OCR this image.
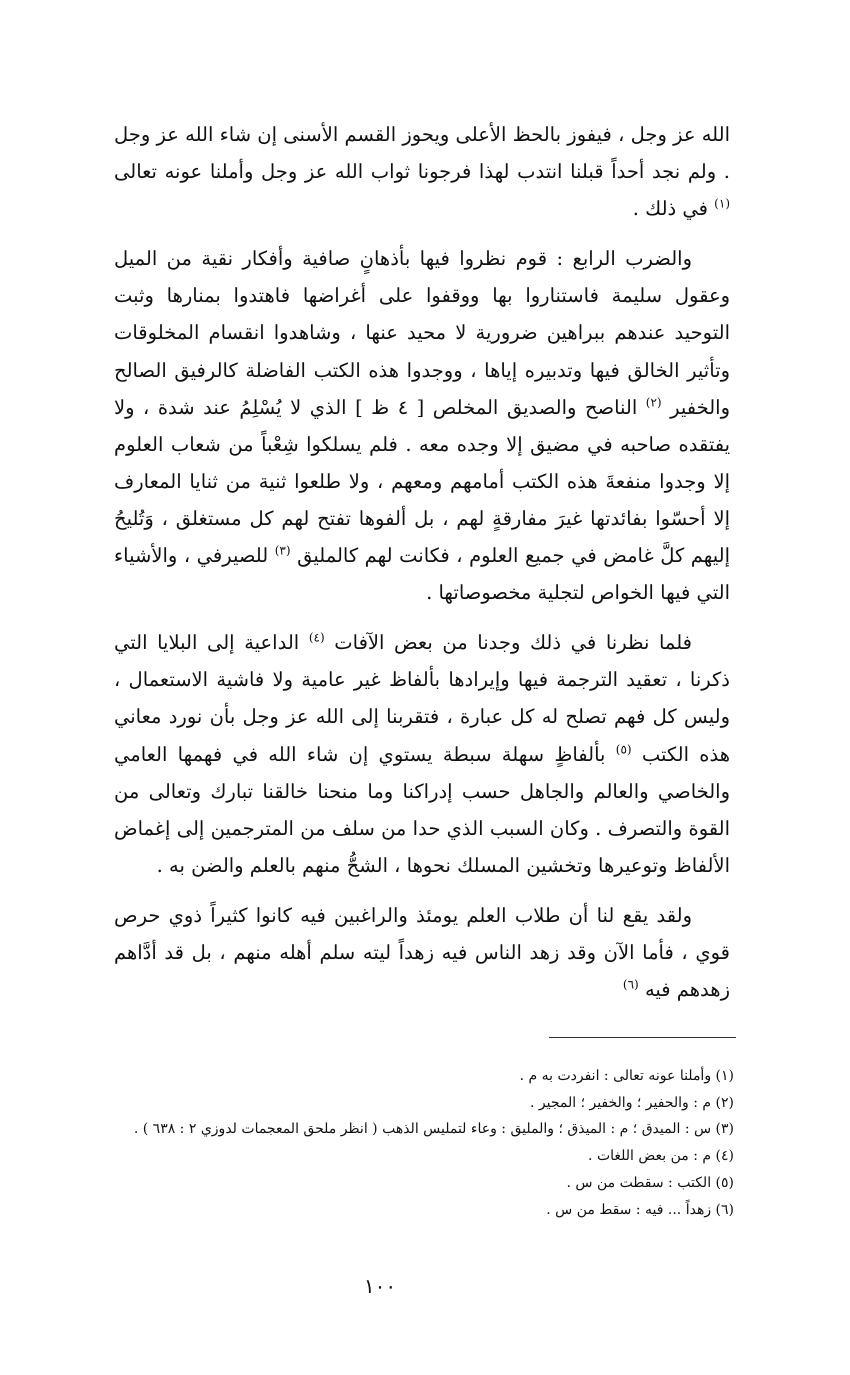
الله عز وجل ، فيفوز بالحظ الأعلى ويحوز القسم الأسنى إن شاء الله عز وجل . ولم نجد أحداً قبلنا انتدب لهذا فرجونا ثواب الله عز وجل وأملنا عونه تعالى $^{(١)}$ في ذلك .

والضرب الرابع : قوم نظروا فيها بأذهانٍ صافية وأفكار نقية من الميل وعقول سليمة فاستناروا بها ووقفوا على أغراضها فاهتدوا بمنارها وثبت التوحيد عندهم ببراهين ضرورية لا محيد عنها ، وشاهدوا انقسام المخلوقات وتأثير الخالق فيها وتدبيره إياها ، ووجدوا هذه الكتب الفاضلة كالرفيق الصالح والخفير $^{(٢)}$ الناصح والصديق المخلص [ ٤ ظ ] الذي لا يُسْلِمُ عند شدة ، ولا يفتقده صاحبه في مضيق إلا وجده معه . فلم يسلكوا شِعْباً من شعاب العلوم إلا وجدوا منفعةَ هذه الكتب أمامهم ومعهم ، ولا طلعوا ثنية من ثنايا المعارف إلا أحسّوا بفائدتها غيرَ مفارقةٍ لهم ، بل ألفوها تفتح لهم كل مستغلق ، وَتُليحُ إليهم كلَّ غامض في جميع العلوم ، فكانت لهم كالمليق $^{(٣)}$ للصيرفي ، والأشياء التي فيها الخواص لتجلية مخصوصاتها .

فلما نظرنا في ذلك وجدنا من بعض الآفات $^{(٤)}$ الداعية إلى البلايا التي ذكرنا ، تعقيد الترجمة فيها وإيرادها بألفاظ غير عامية ولا فاشية الاستعمال ، وليس كل فهم تصلح له كل عبارة ، فتقربنا إلى الله عز وجل بأن نورد معاني هذه الكتب $^{(٥)}$ بألفاظٍ سهلة سبطة يستوي إن شاء الله في فهمها العامي والخاصي والعالم والجاهل حسب إدراكنا وما منحنا خالقنا تبارك وتعالى من القوة والتصرف . وكان السبب الذي حدا من سلف من المترجمين إلى إغماض الألفاظ وتوعيرها وتخشين المسلك نحوها ، الشحُّ منهم بالعلم والضن به .

ولقد يقع لنا أن طلاب العلم يومئذ والراغبين فيه كانوا كثيراً ذوي حرص قوي ، فأما الآن وقد زهد الناس فيه زهداً ليته سلم أهله منهم ، بل قد أدَّاهم زهدهم فيه $^{(٦)}$

(١) وأملنا عونه تعالى : انفردت به م .

(٢) م : والحفير ؛ والخفير ؛ المجير .

(٣) س : الميدق ؛ م : الميذق ؛ والمليق : وعاء لتمليس الذهب ( انظر ملحق المعجمات لدوزي ٢ : ٦٣٨ ) .

(٤) م : من بعض اللغات .

(٥) الكتب : سقطت من س .

(٦) زهداً ... فيه : سقط من س .

١٠٠
